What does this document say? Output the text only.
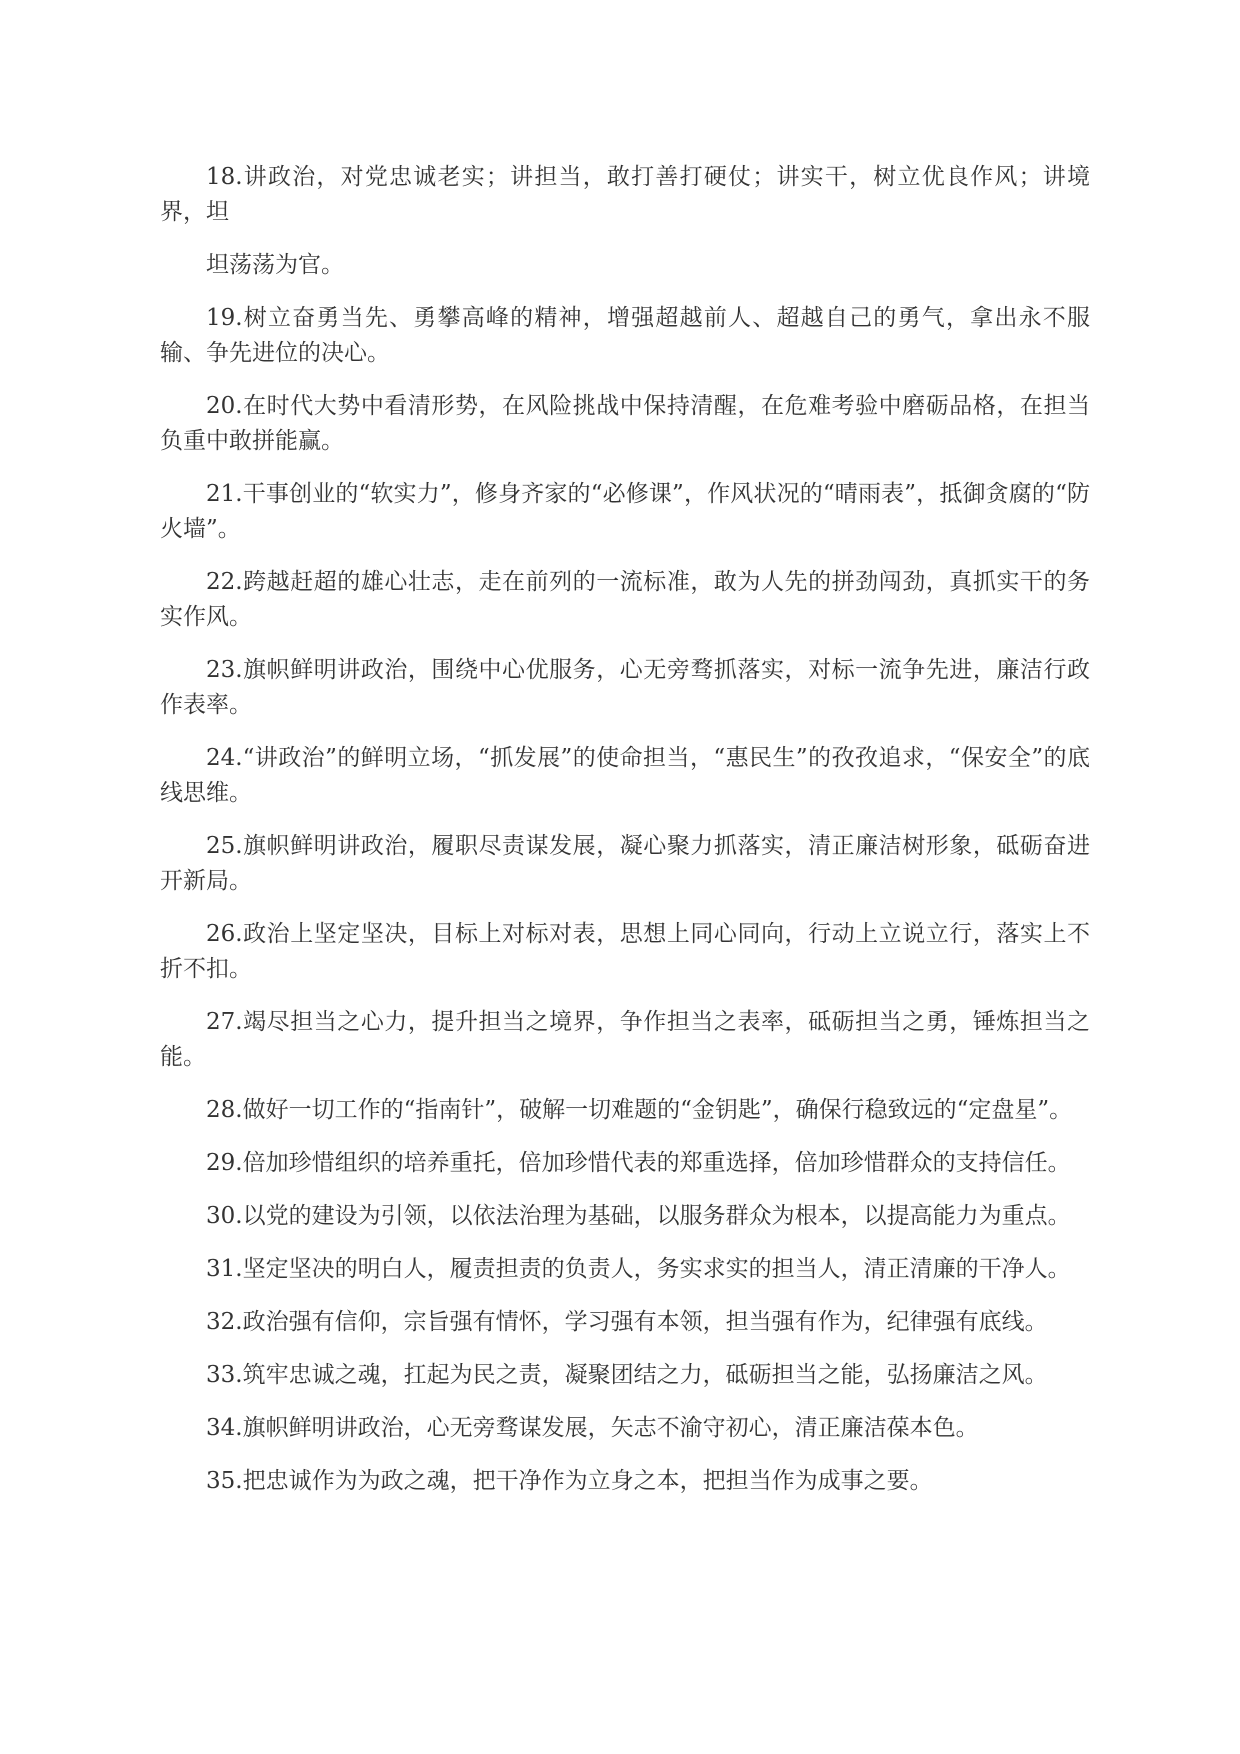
18.讲政治，对党忠诚老实；讲担当，敢打善打硬仗；讲实干，树立优良作风；讲境界，坦

坦荡荡为官。

19.树立奋勇当先、勇攀高峰的精神，增强超越前人、超越自己的勇气，拿出永不服输、争先进位的决心。

20.在时代大势中看清形势，在风险挑战中保持清醒，在危难考验中磨砺品格，在担当负重中敢拼能赢。

21.干事创业的“软实力”，修身齐家的“必修课”，作风状况的“晴雨表”，抵御贪腐的“防火墙”。

22.跨越赶超的雄心壮志，走在前列的一流标准，敢为人先的拼劲闯劲，真抓实干的务实作风。

23.旗帜鲜明讲政治，围绕中心优服务，心无旁骛抓落实，对标一流争先进，廉洁行政作表率。

24.“讲政治”的鲜明立场，“抓发展”的使命担当，“惠民生”的孜孜追求，“保安全”的底线思维。

25.旗帜鲜明讲政治，履职尽责谋发展，凝心聚力抓落实，清正廉洁树形象，砥砺奋进开新局。

26.政治上坚定坚决，目标上对标对表，思想上同心同向，行动上立说立行，落实上不折不扣。

27.竭尽担当之心力，提升担当之境界，争作担当之表率，砥砺担当之勇，锤炼担当之能。

28.做好一切工作的“指南针”，破解一切难题的“金钥匙”，确保行稳致远的“定盘星”。

29.倍加珍惜组织的培养重托，倍加珍惜代表的郑重选择，倍加珍惜群众的支持信任。

30.以党的建设为引领，以依法治理为基础，以服务群众为根本，以提高能力为重点。

31.坚定坚决的明白人，履责担责的负责人，务实求实的担当人，清正清廉的干净人。

32.政治强有信仰，宗旨强有情怀，学习强有本领，担当强有作为，纪律强有底线。

33.筑牢忠诚之魂，扛起为民之责，凝聚团结之力，砥砺担当之能，弘扬廉洁之风。

34.旗帜鲜明讲政治，心无旁骛谋发展，矢志不渝守初心，清正廉洁葆本色。

35.把忠诚作为为政之魂，把干净作为立身之本，把担当作为成事之要。
